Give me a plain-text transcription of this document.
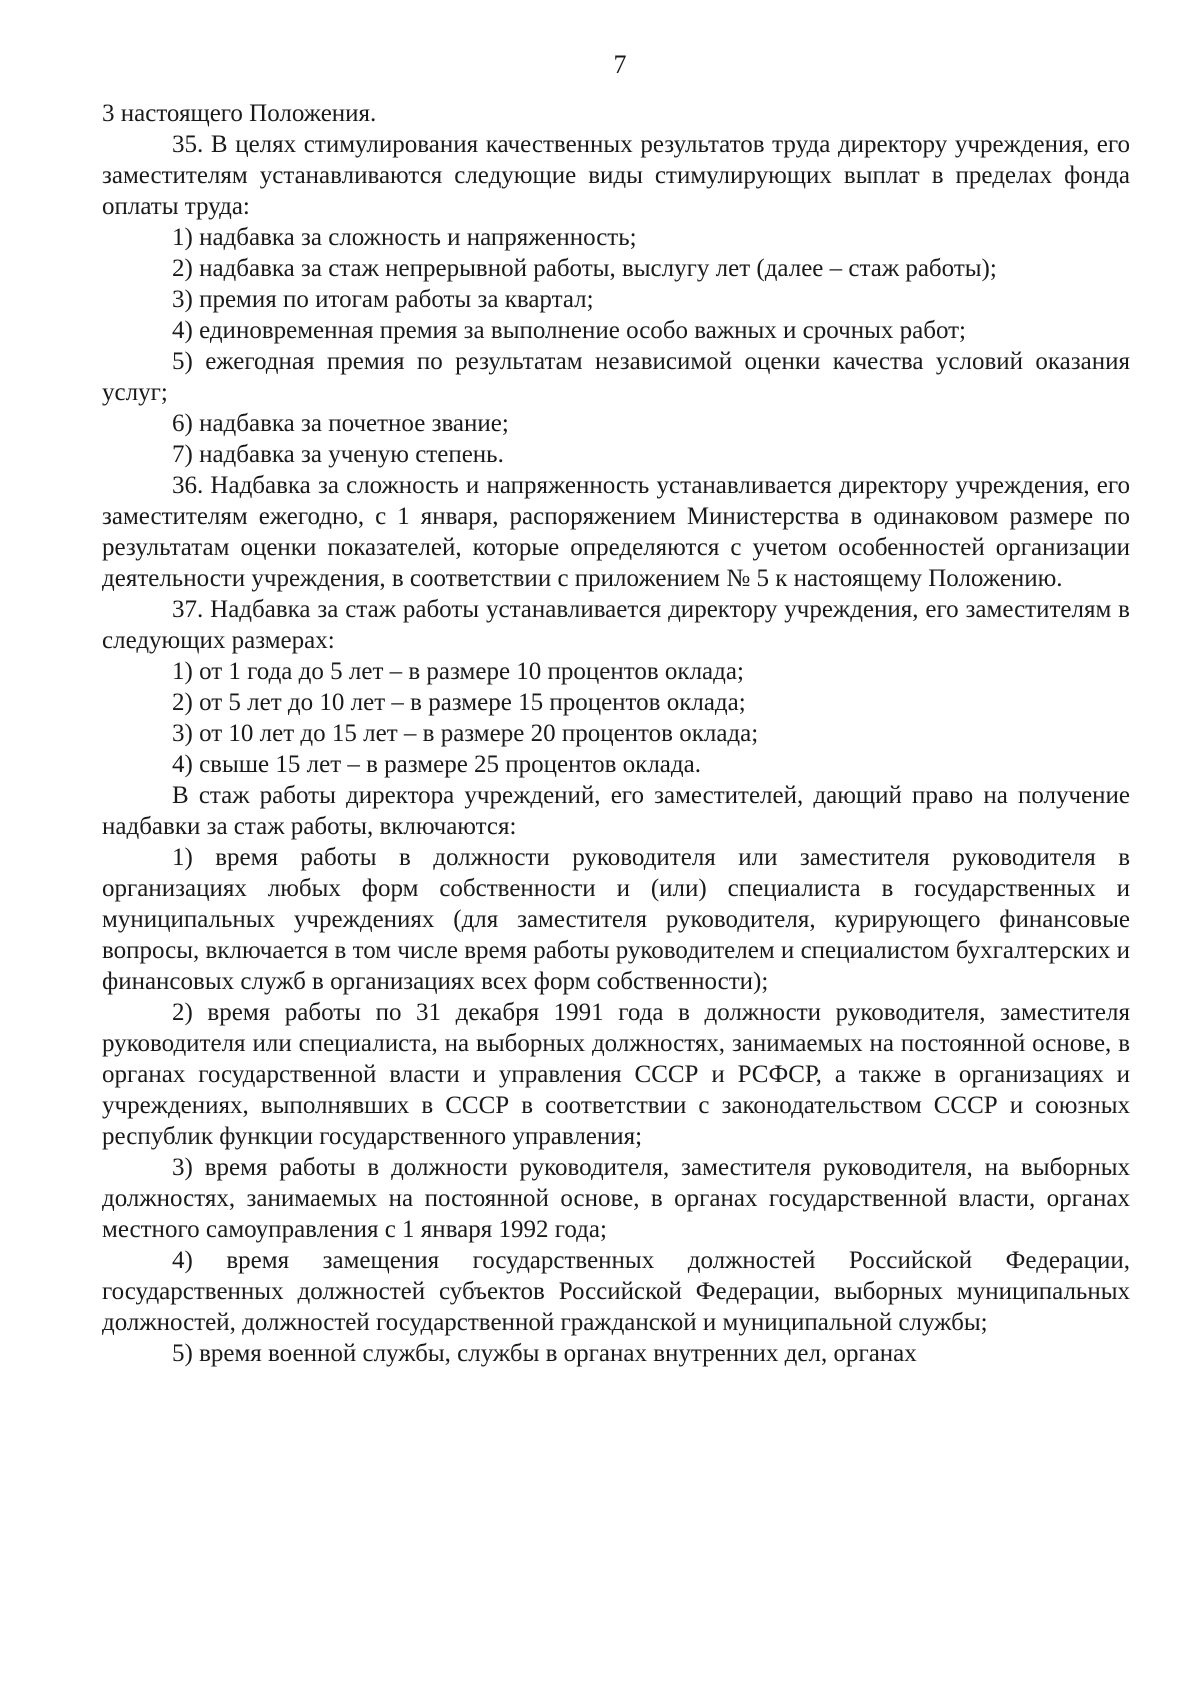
7

3 настоящего Положения.

35. В целях стимулирования качественных результатов труда директору учреждения, его заместителям устанавливаются следующие виды стимулирующих выплат в пределах фонда оплаты труда:

1) надбавка за сложность и напряженность;

2) надбавка за стаж непрерывной работы, выслугу лет (далее – стаж работы);

3) премия по итогам работы за квартал;

4) единовременная премия за выполнение особо важных и срочных работ;

5) ежегодная премия по результатам независимой оценки качества условий оказания услуг;

6) надбавка за почетное звание;

7) надбавка за ученую степень.

36. Надбавка за сложность и напряженность устанавливается директору учреждения, его заместителям ежегодно, с 1 января, распоряжением Министерства в одинаковом размере по результатам оценки показателей, которые определяются с учетом особенностей организации деятельности учреждения, в соответствии с приложением № 5 к настоящему Положению.

37. Надбавка за стаж работы устанавливается директору учреждения, его заместителям в следующих размерах:

1) от 1 года до 5 лет – в размере 10 процентов оклада;

2) от 5 лет до 10 лет – в размере 15 процентов оклада;

3) от 10 лет до 15 лет – в размере 20 процентов оклада;

4) свыше 15 лет – в размере 25 процентов оклада.

В стаж работы директора учреждений, его заместителей, дающий право на получение надбавки за стаж работы, включаются:

1) время работы в должности руководителя или заместителя руководителя в организациях любых форм собственности и (или) специалиста в государственных и муниципальных учреждениях (для заместителя руководителя, курирующего финансовые вопросы, включается в том числе время работы руководителем и специалистом бухгалтерских и финансовых служб в организациях всех форм собственности);

2) время работы по 31 декабря 1991 года в должности руководителя, заместителя руководителя или специалиста, на выборных должностях, занимаемых на постоянной основе, в органах государственной власти и управления СССР и РСФСР, а также в организациях и учреждениях, выполнявших в СССР в соответствии с законодательством СССР и союзных республик функции государственного управления;

3) время работы в должности руководителя, заместителя руководителя, на выборных должностях, занимаемых на постоянной основе, в органах государственной власти, органах местного самоуправления с 1 января 1992 года;

4) время замещения государственных должностей Российской Федерации, государственных должностей субъектов Российской Федерации, выборных муниципальных должностей, должностей государственной гражданской и муниципальной службы;

5) время военной службы, службы в органах внутренних дел, органах
